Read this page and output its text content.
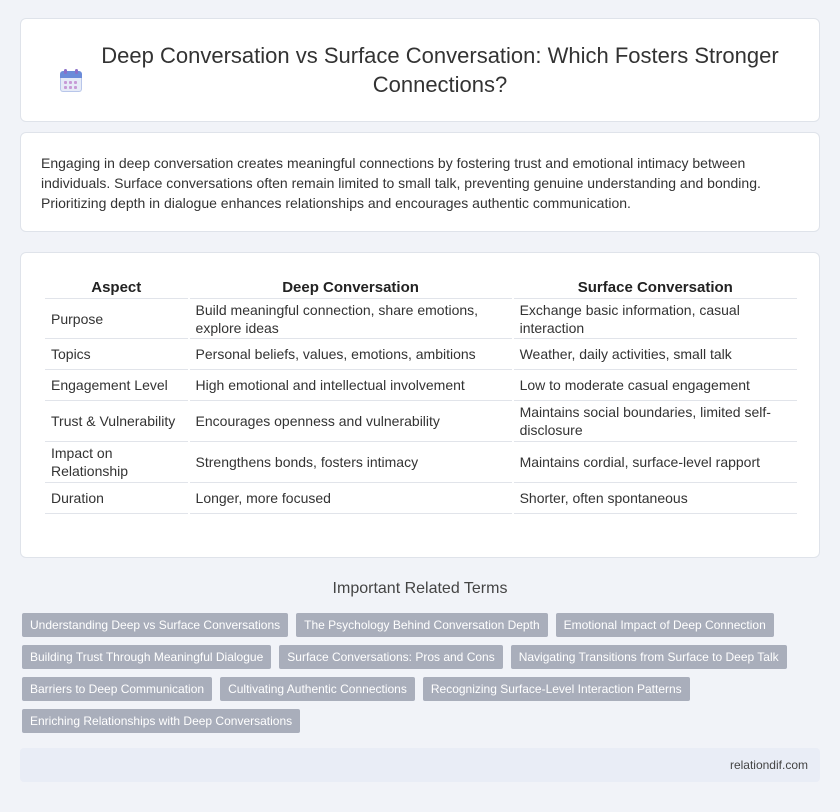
Deep Conversation vs Surface Conversation: Which Fosters Stronger Connections?

Engaging in deep conversation creates meaningful connections by fostering trust and emotional intimacy between individuals. Surface conversations often remain limited to small talk, preventing genuine understanding and bonding. Prioritizing depth in dialogue enhances relationships and encourages authentic communication.

Aspect	Deep Conversation	Surface Conversation
Purpose	Build meaningful connection, share emotions, explore ideas	Exchange basic information, casual interaction
Topics	Personal beliefs, values, emotions, ambitions	Weather, daily activities, small talk
Engagement Level	High emotional and intellectual involvement	Low to moderate casual engagement
Trust & Vulnerability	Encourages openness and vulnerability	Maintains social boundaries, limited self-disclosure
Impact on Relationship	Strengthens bonds, fosters intimacy	Maintains cordial, surface-level rapport
Duration	Longer, more focused	Shorter, often spontaneous
Important Related Terms
Understanding Deep vs Surface Conversations	The Psychology Behind Conversation Depth	Emotional Impact of Deep Connection
Building Trust Through Meaningful Dialogue	Surface Conversations: Pros and Cons	Navigating Transitions from Surface to Deep Talk
Barriers to Deep Communication	Cultivating Authentic Connections	Recognizing Surface-Level Interaction Patterns
Enriching Relationships with Deep Conversations
relationdif.com
